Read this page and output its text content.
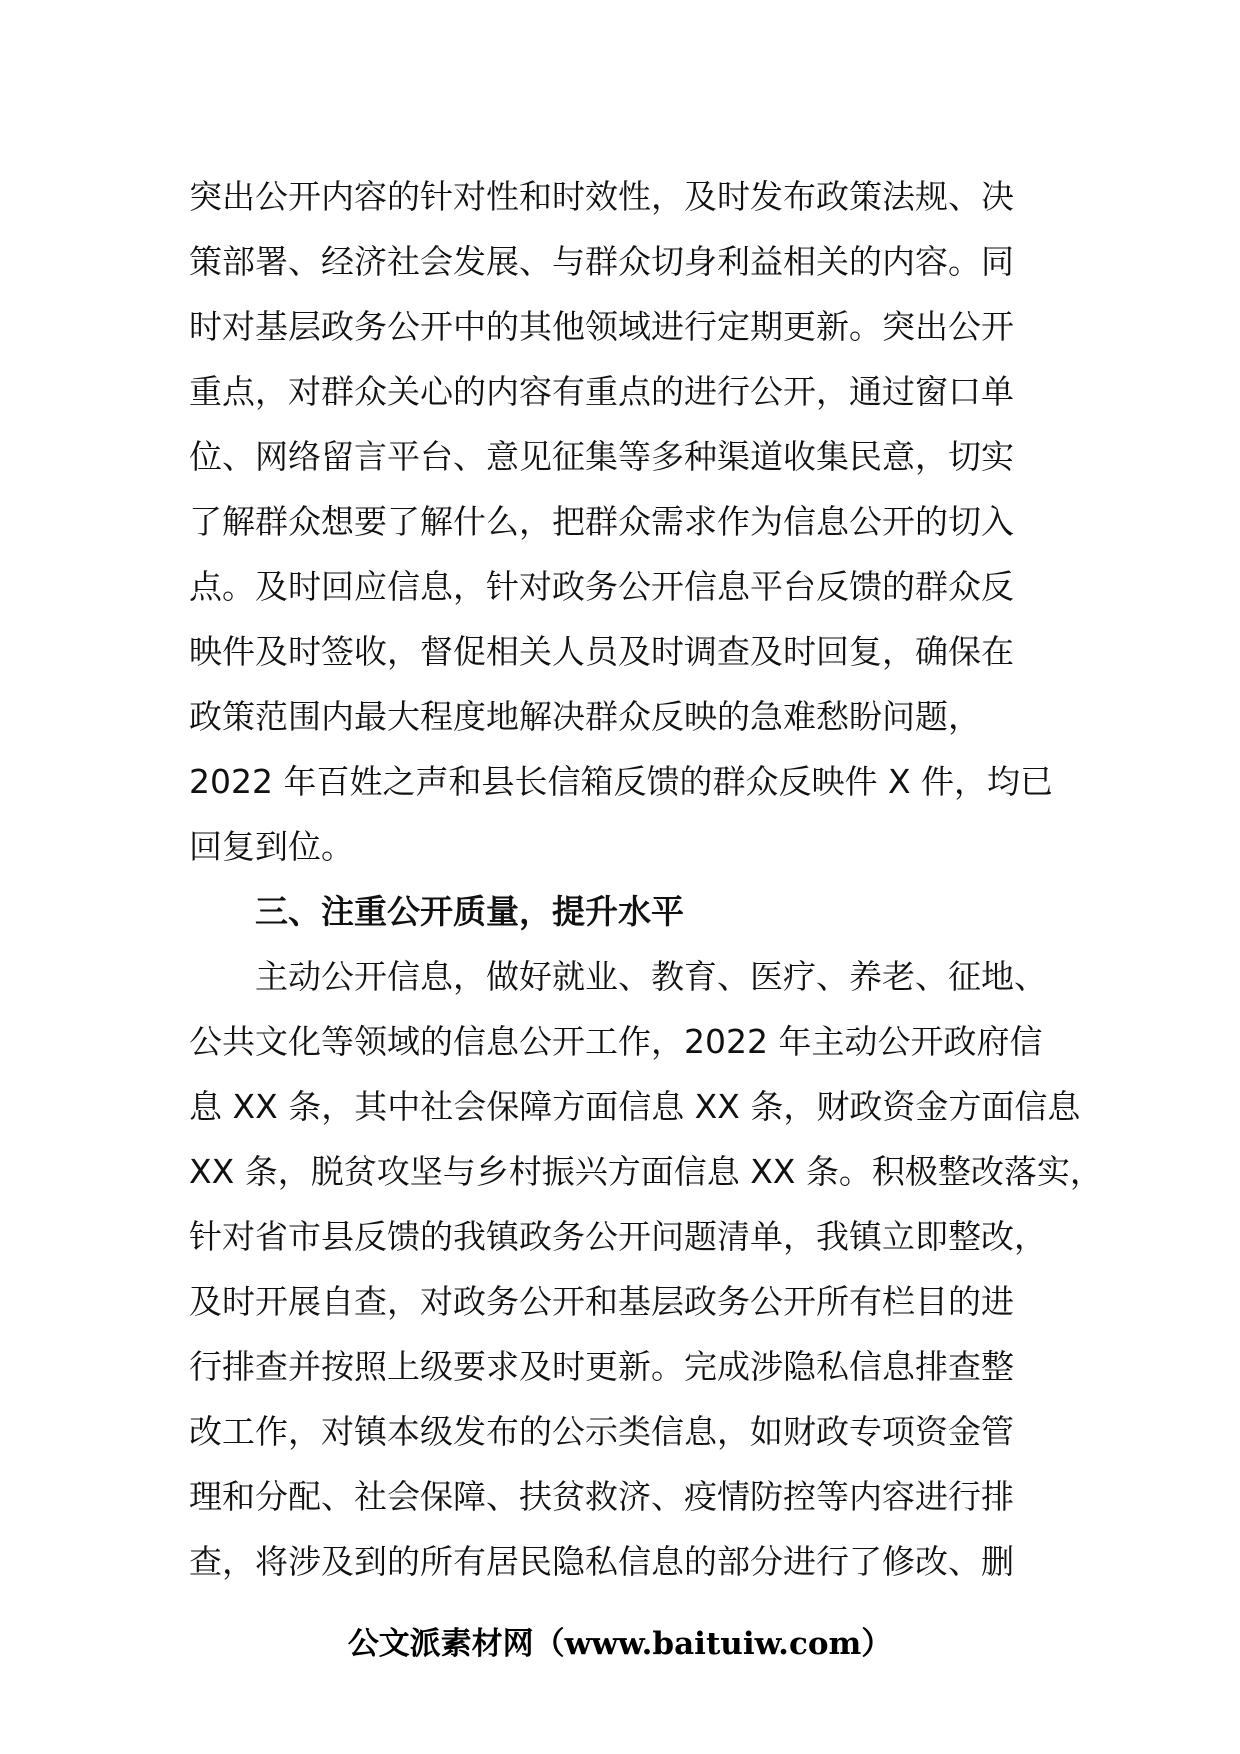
突出公开内容的针对性和时效性，及时发布政策法规、决
策部署、经济社会发展、与群众切身利益相关的内容。同
时对基层政务公开中的其他领域进行定期更新。突出公开
重点，对群众关心的内容有重点的进行公开，通过窗口单
位、网络留言平台、意见征集等多种渠道收集民意，切实
了解群众想要了解什么，把群众需求作为信息公开的切入
点。及时回应信息，针对政务公开信息平台反馈的群众反
映件及时签收，督促相关人员及时调查及时回复，确保在
政策范围内最大程度地解决群众反映的急难愁盼问题，
2022 年百姓之声和县长信箱反馈的群众反映件 X 件，均已
回复到位。
三、注重公开质量，提升水平
主动公开信息，做好就业、教育、医疗、养老、征地、
公共文化等领域的信息公开工作，2022 年主动公开政府信
息 XX 条，其中社会保障方面信息 XX 条，财政资金方面信息
XX 条，脱贫攻坚与乡村振兴方面信息 XX 条。积极整改落实，
针对省市县反馈的我镇政务公开问题清单，我镇立即整改，
及时开展自查，对政务公开和基层政务公开所有栏目的进
行排查并按照上级要求及时更新。完成涉隐私信息排查整
改工作，对镇本级发布的公示类信息，如财政专项资金管
理和分配、社会保障、扶贫救济、疫情防控等内容进行排
查，将涉及到的所有居民隐私信息的部分进行了修改、删
公文派素材网（www.baituiw.com）
